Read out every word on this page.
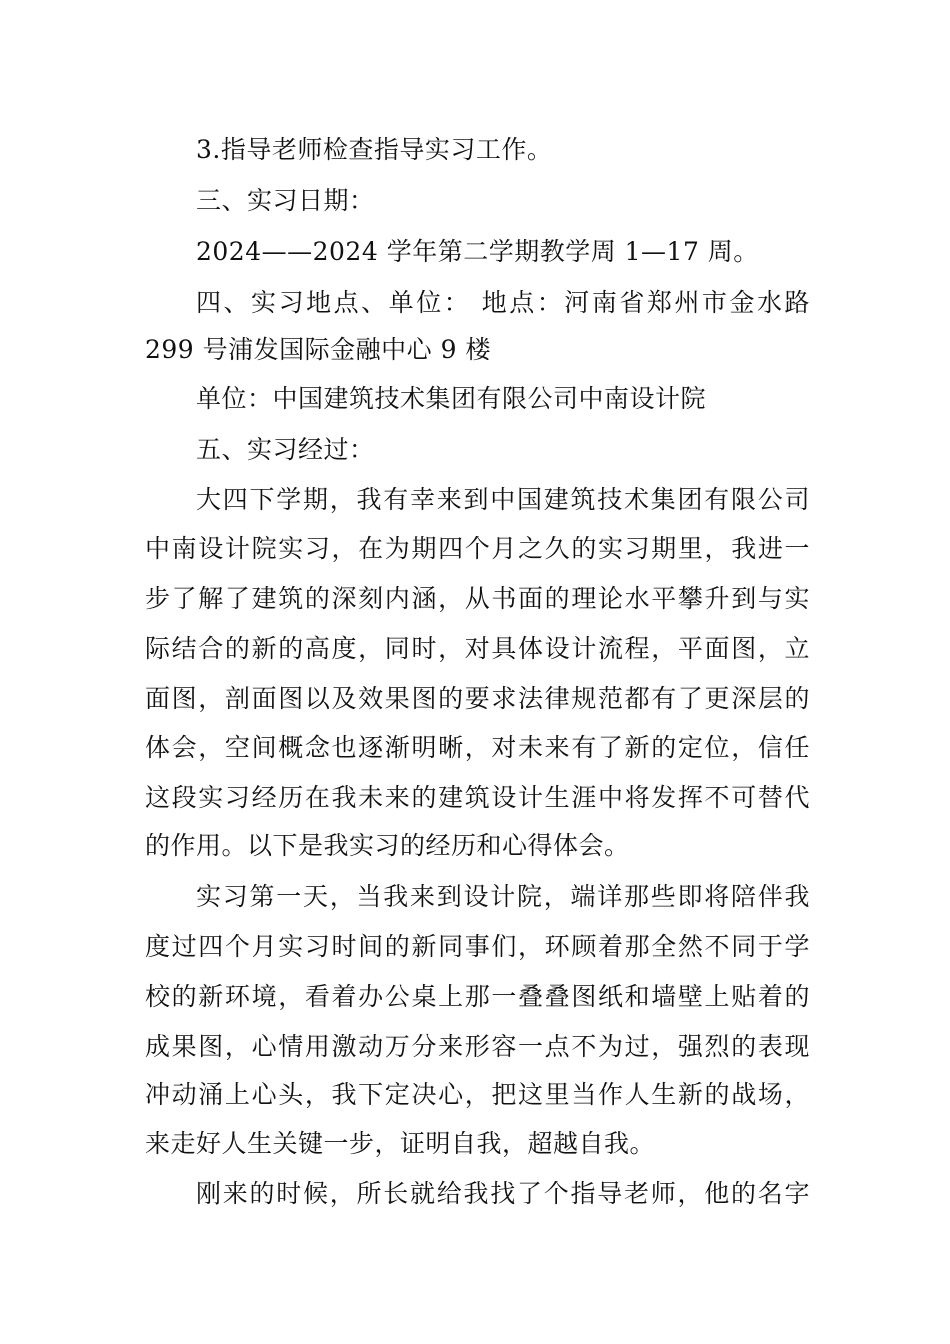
3.指导老师检查指导实习工作。
三、实习日期：
2024——2024 学年第二学期教学周 1—17 周。
四、实习地点、单位： 地点：河南省郑州市金水路
299 号浦发国际金融中心 9 楼
单位：中国建筑技术集团有限公司中南设计院
五、实习经过：
大四下学期，我有幸来到中国建筑技术集团有限公司
中南设计院实习，在为期四个月之久的实习期里，我进一
步了解了建筑的深刻内涵，从书面的理论水平攀升到与实
际结合的新的高度，同时，对具体设计流程，平面图，立
面图，剖面图以及效果图的要求法律规范都有了更深层的
体会，空间概念也逐渐明晰，对未来有了新的定位，信任
这段实习经历在我未来的建筑设计生涯中将发挥不可替代
的作用。以下是我实习的经历和心得体会。
实习第一天，当我来到设计院，端详那些即将陪伴我
度过四个月实习时间的新同事们，环顾着那全然不同于学
校的新环境，看着办公桌上那一叠叠图纸和墙壁上贴着的
成果图，心情用激动万分来形容一点不为过，强烈的表现
冲动涌上心头，我下定决心，把这里当作人生新的战场，
来走好人生关键一步，证明自我，超越自我。
刚来的时候，所长就给我找了个指导老师，他的名字
